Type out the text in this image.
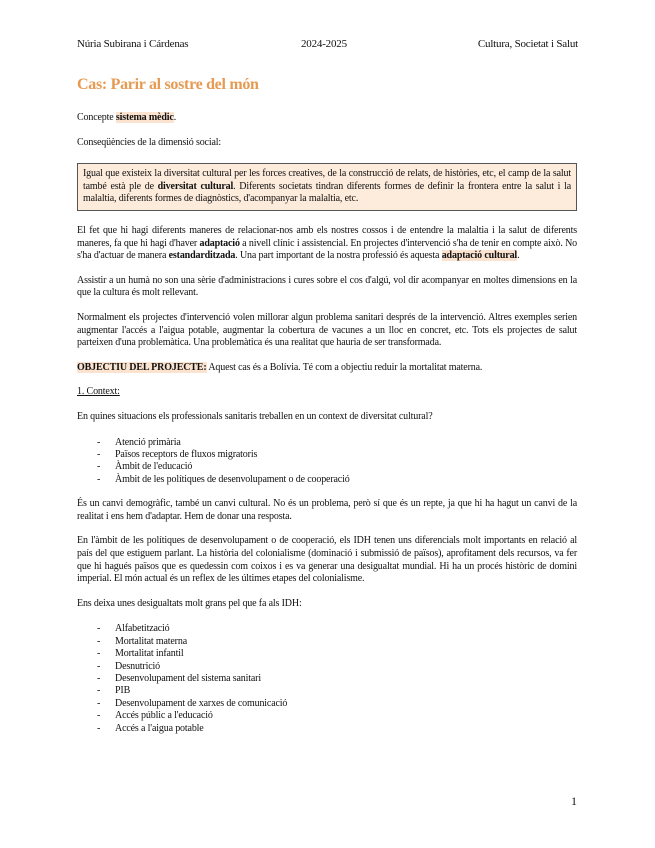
Núria Subirana i Cárdenas	2024-2025	Cultura, Societat i Salut
Cas: Parir al sostre del món

Concepte sistema mèdic.

Conseqüències de la dimensió social:

Igual que existeix la diversitat cultural per les forces creatives, de la construcció de relats, de històries, etc, el camp de la salut també està ple de diversitat cultural. Diferents societats tindran diferents formes de definir la frontera entre la salut i la malaltia, diferents formes de diagnòstics, d'acompanyar la malaltia, etc.

El fet que hi hagi diferents maneres de relacionar-nos amb els nostres cossos i de entendre la malaltia i la salut de diferents maneres, fa que hi hagi d'haver adaptació a nivell clínic i assistencial. En projectes d'intervenció s'ha de tenir en compte això. No s'ha d'actuar de manera estandarditzada. Una part important de la nostra professió és aquesta adaptació cultural.

Assistir a un humà no son una sèrie d'administracions i cures sobre el cos d'algú, vol dir acompanyar en moltes dimensions en la que la cultura és molt rellevant.

Normalment els projectes d'intervenció volen millorar algun problema sanitari després de la intervenció. Altres exemples serien augmentar l'accés a l'aigua potable, augmentar la cobertura de vacunes a un lloc en concret, etc. Tots els projectes de salut parteixen d'una problemàtica. Una problemàtica és una realitat que hauria de ser transformada.

OBJECTIU DEL PROJECTE: Aquest cas és a Bolívia. Té com a objectiu reduir la mortalitat materna.

1. Context:

En quines situacions els professionals sanitaris treballen en un context de diversitat cultural?

- Atenció primària
- Països receptors de fluxos migratoris
- Àmbit de l'educació
- Àmbit de les polítiques de desenvolupament o de cooperació

És un canvi demogràfic, també un canvi cultural. No és un problema, però sí que és un repte, ja que hi ha hagut un canvi de la realitat i ens hem d'adaptar. Hem de donar una resposta.

En l'àmbit de les polítiques de desenvolupament o de cooperació, els IDH tenen uns diferencials molt importants en relació al país del que estiguem parlant. La història del colonialisme (dominació i submissió de països), aprofitament dels recursos, va fer que hi hagués països que es quedessin com coixos i es va generar una desigualtat mundial. Hi ha un procés històric de domini imperial. El món actual és un reflex de les últimes etapes del colonialisme.

Ens deixa unes desigualtats molt grans pel que fa als IDH:

- Alfabetització
- Mortalitat materna
- Mortalitat infantil
- Desnutrició
- Desenvolupament del sistema sanitari
- PIB
- Desenvolupament de xarxes de comunicació
- Accés públic a l'educació
- Accés a l'aigua potable
1
